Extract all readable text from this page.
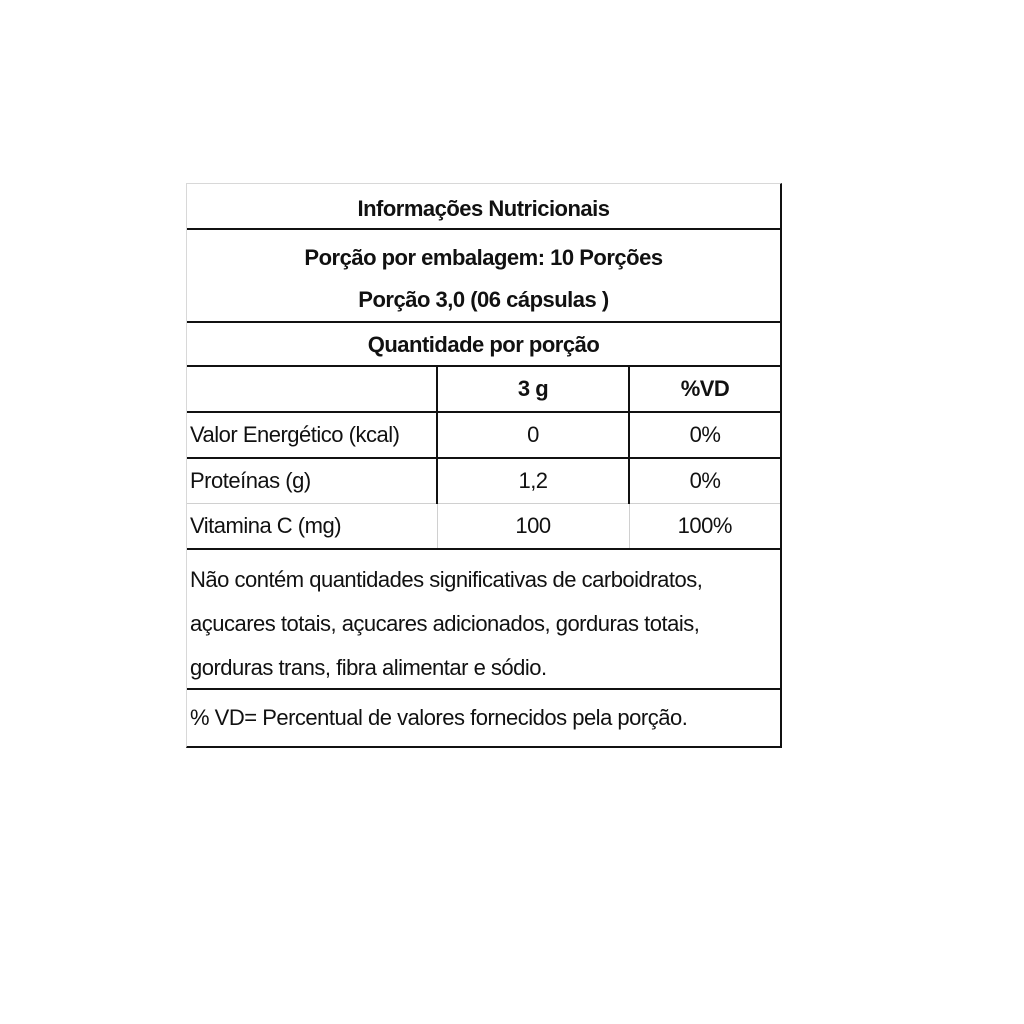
Informações Nutricionais
Porção por embalagem: 10 Porções
Porção 3,0 (06 cápsulas )
Quantidade por porção
	3 g	%VD
Valor Energético (kcal)	0	0%
Proteínas (g)	1,2	0%
Vitamina C (mg)	100	100%
Não contém quantidades significativas de carboidratos, açucares totais, açucares adicionados, gorduras totais, gorduras trans, fibra alimentar e sódio.
% VD= Percentual de valores fornecidos pela porção.
